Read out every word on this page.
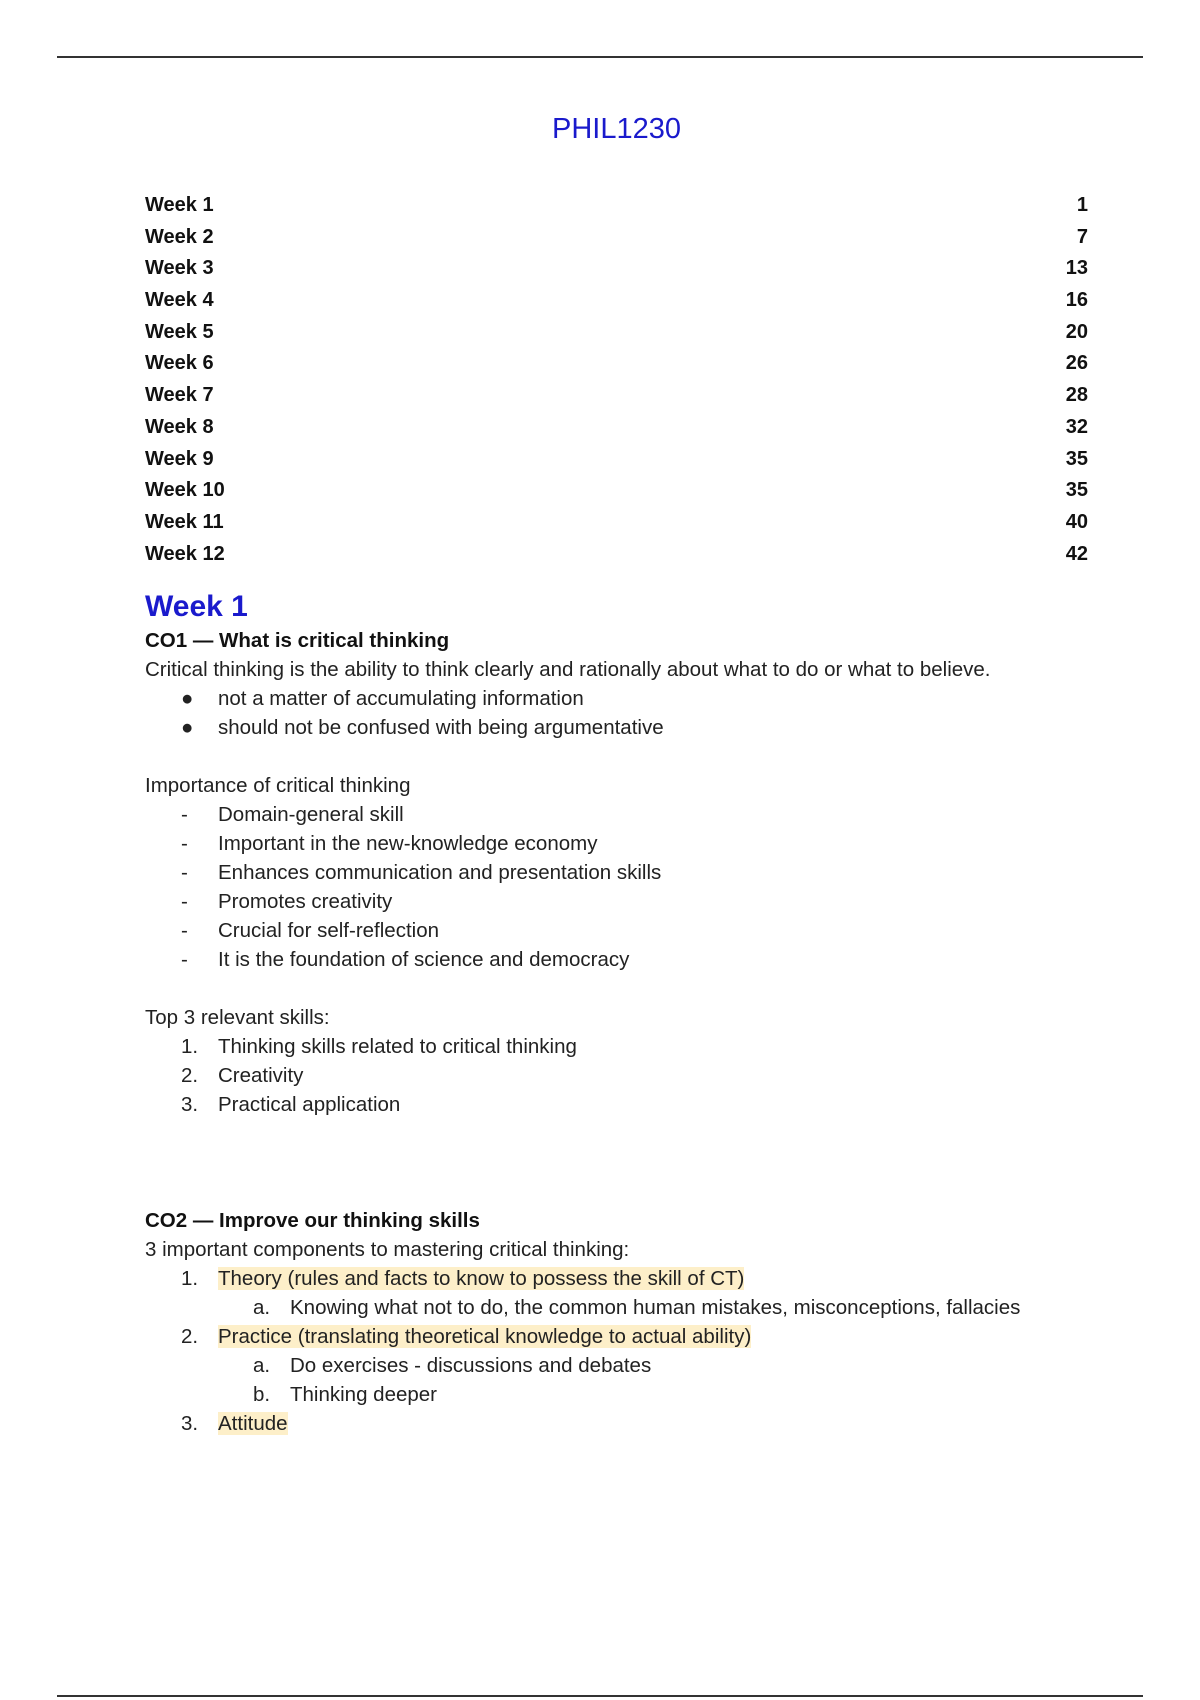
PHIL1230
Week 1	1
Week 2	7
Week 3	13
Week 4	16
Week 5	20
Week 6	26
Week 7	28
Week 8	32
Week 9	35
Week 10	35
Week 11	40
Week 12	42
Week 1

CO1 — What is critical thinking

Critical thinking is the ability to think clearly and rationally about what to do or what to believe.

●	not a matter of accumulating information
●	should not be confused with being argumentative

Importance of critical thinking

-	Domain-general skill
-	Important in the new-knowledge economy
-	Enhances communication and presentation skills
-	Promotes creativity
-	Crucial for self-reflection
-	It is the foundation of science and democracy

Top 3 relevant skills:

1. Thinking skills related to critical thinking
2. Creativity
3. Practical application

CO2 — Improve our thinking skills

3 important components to mastering critical thinking:

1. Theory (rules and facts to know to possess the skill of CT)
a. Knowing what not to do, the common human mistakes, misconceptions, fallacies
2. Practice (translating theoretical knowledge to actual ability)
a. Do exercises - discussions and debates
b. Thinking deeper
3. Attitude
